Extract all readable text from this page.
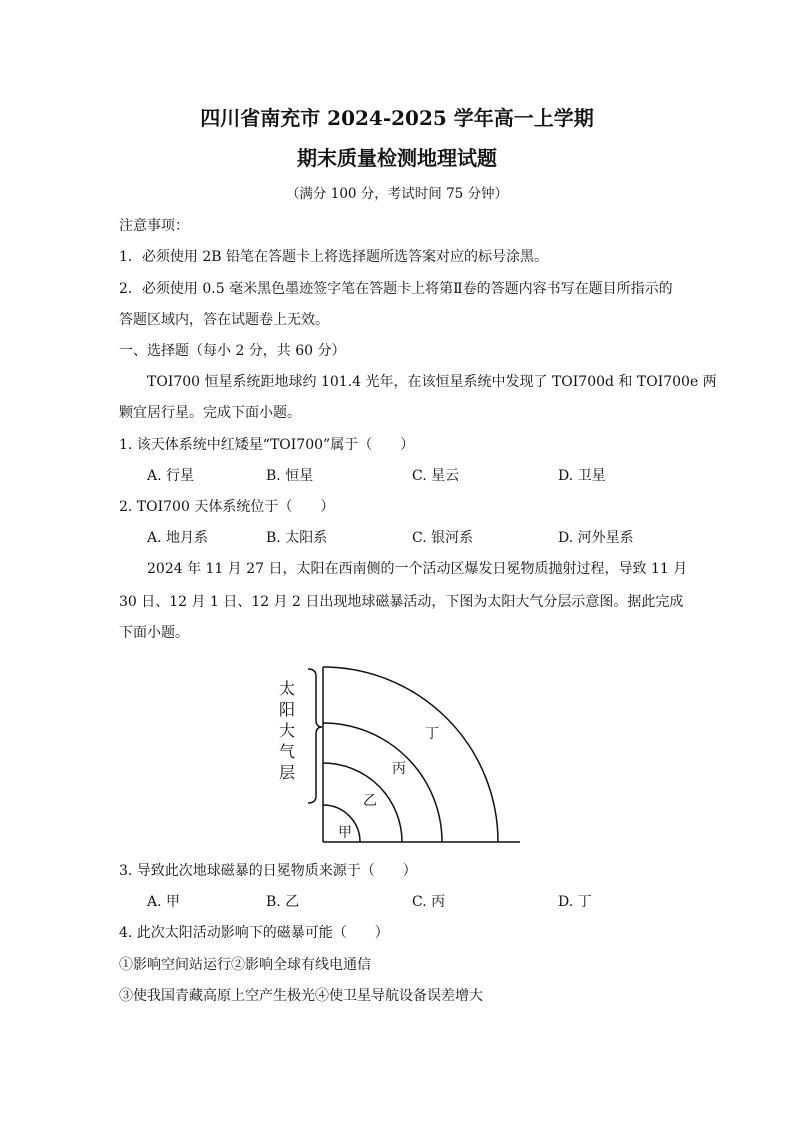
四川省南充市 2024-2025 学年高一上学期
期末质量检测地理试题
（满分 100 分，考试时间 75 分钟）
注意事项：
1．必须使用 2B 铅笔在答题卡上将选择题所选答案对应的标号涂黑。
2．必须使用 0.5 毫米黑色墨迹签字笔在答题卡上将第Ⅱ卷的答题内容书写在题目所指示的
答题区域内，答在试题卷上无效。
一、选择题（每小 2 分，共 60 分）
TOI700 恒星系统距地球约 101.4 光年，在该恒星系统中发现了 TOI700d 和 TOI700e 两
颗宜居行星。完成下面小题。
1. 该天体系统中红矮星“TOI700”属于（　　）
A. 行星	B. 恒星	C. 星云	D. 卫星
2. TOI700 天体系统位于（　　）
A. 地月系	B. 太阳系	C. 银河系	D. 河外星系
2024 年 11 月 27 日，太阳在西南侧的一个活动区爆发日冕物质抛射过程，导致 11 月
30 日、12 月 1 日、12 月 2 日出现地球磁暴活动，下图为太阳大气分层示意图。据此完成
下面小题。
太
阳
大
气
层
甲
乙
丙
丁
3. 导致此次地球磁暴的日冕物质来源于（　　）
A. 甲	B. 乙	C. 丙	D. 丁
4. 此次太阳活动影响下的磁暴可能（　　）
①影响空间站运行②影响全球有线电通信
③使我国青藏高原上空产生极光④使卫星导航设备误差增大
